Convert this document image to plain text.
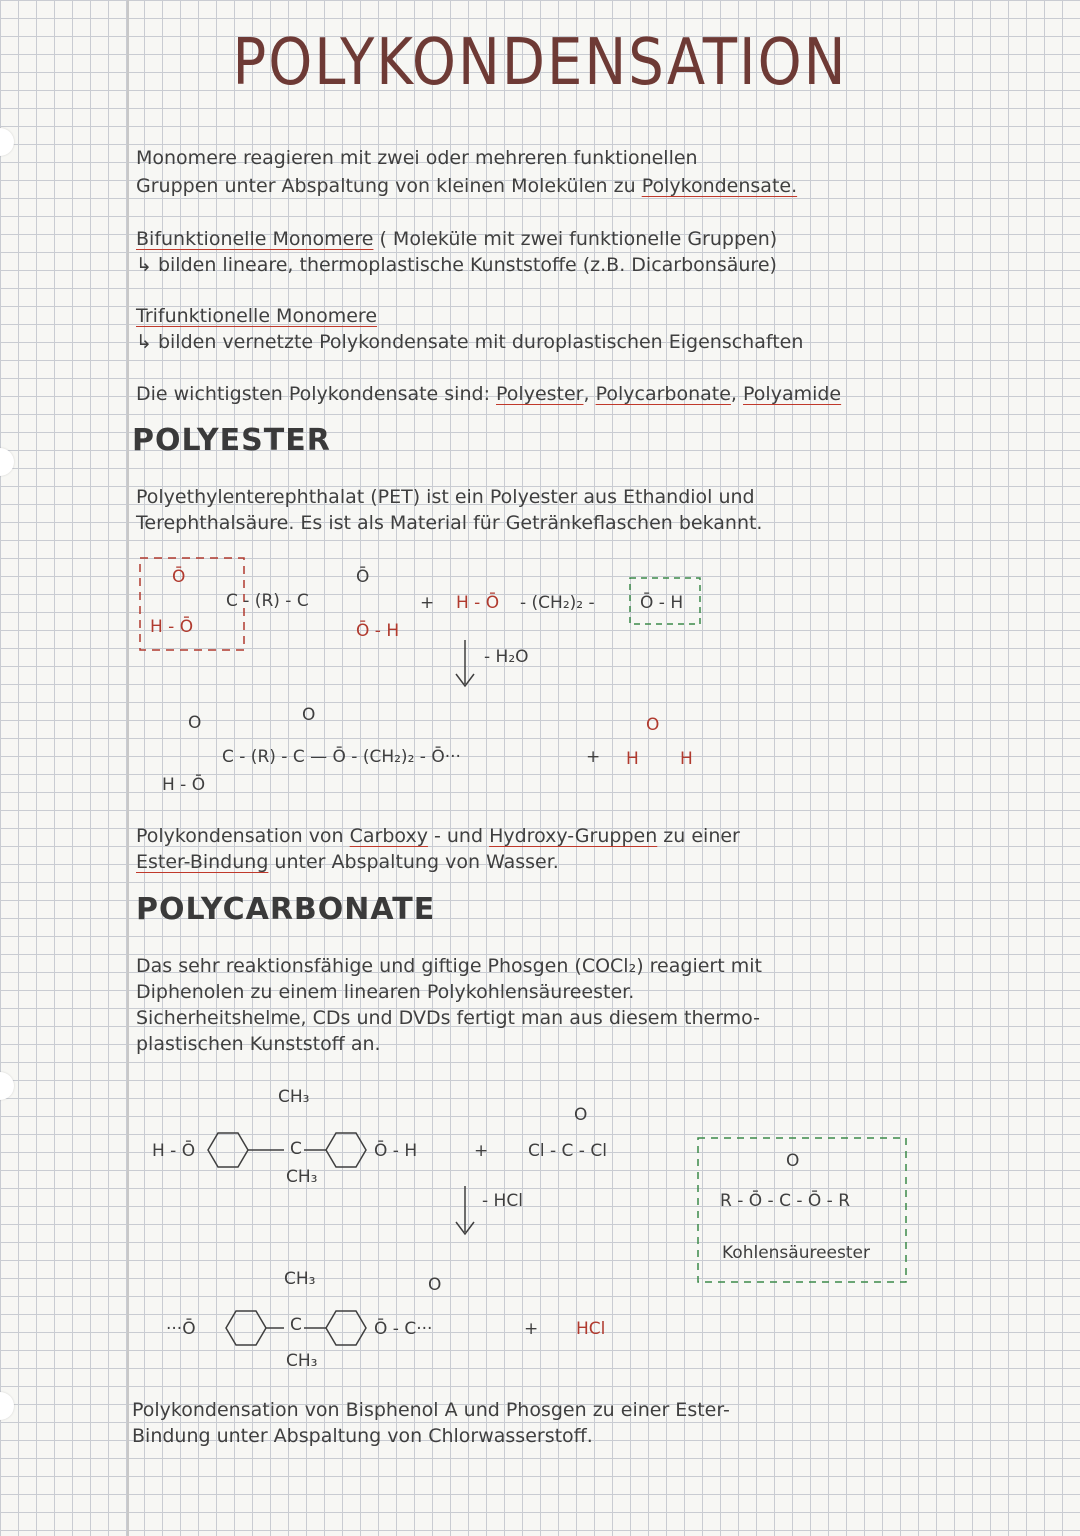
POLYKONDENSATION
Monomere reagieren mit zwei oder mehreren funktionellen
Gruppen unter Abspaltung von kleinen Molekülen zu Polykondensate.
Bifunktionelle Monomere ( Moleküle mit zwei funktionelle Gruppen)
↳ bilden lineare, thermoplastische Kunststoffe (z.B. Dicarbonsäure)
Trifunktionelle Monomere
↳ bilden vernetzte Polykondensate mit duroplastischen Eigenschaften
Die wichtigsten Polykondensate sind: Polyester, Polycarbonate, Polyamide
POLYESTER
Polyethylenterephthalat (PET) ist ein Polyester aus Ethandiol und
Terephthalsäure. Es ist als Material für Getränkeflaschen bekannt.
Ō
H - Ō
C - (R) - C
Ō
Ō - H
+ H - Ō - (CH₂)₂ -	Ō - H
- H₂O
O
H - Ō
C - (R) - C — Ō - (CH₂)₂ - Ō···
O
+
O
H H
CH₃
C
CH₃
H - Ō	Ō - H	+
O
Cl - C - Cl
- HCl
O
R - Ō - C - Ō - R
Kohlensäureester
CH₃
C
CH₃
···Ō	Ō - C···
O
+ HCl
Polykondensation von Carboxy - und Hydroxy-Gruppen zu einer
Ester-Bindung unter Abspaltung von Wasser.
POLYCARBONATE
Das sehr reaktionsfähige und giftige Phosgen (COCl₂) reagiert mit
Diphenolen zu einem linearen Polykohlensäureester.
Sicherheitshelme, CDs und DVDs fertigt man aus diesem thermo-
plastischen Kunststoff an.
Polykondensation von Bisphenol A und Phosgen zu einer Ester-
Bindung unter Abspaltung von Chlorwasserstoff.
